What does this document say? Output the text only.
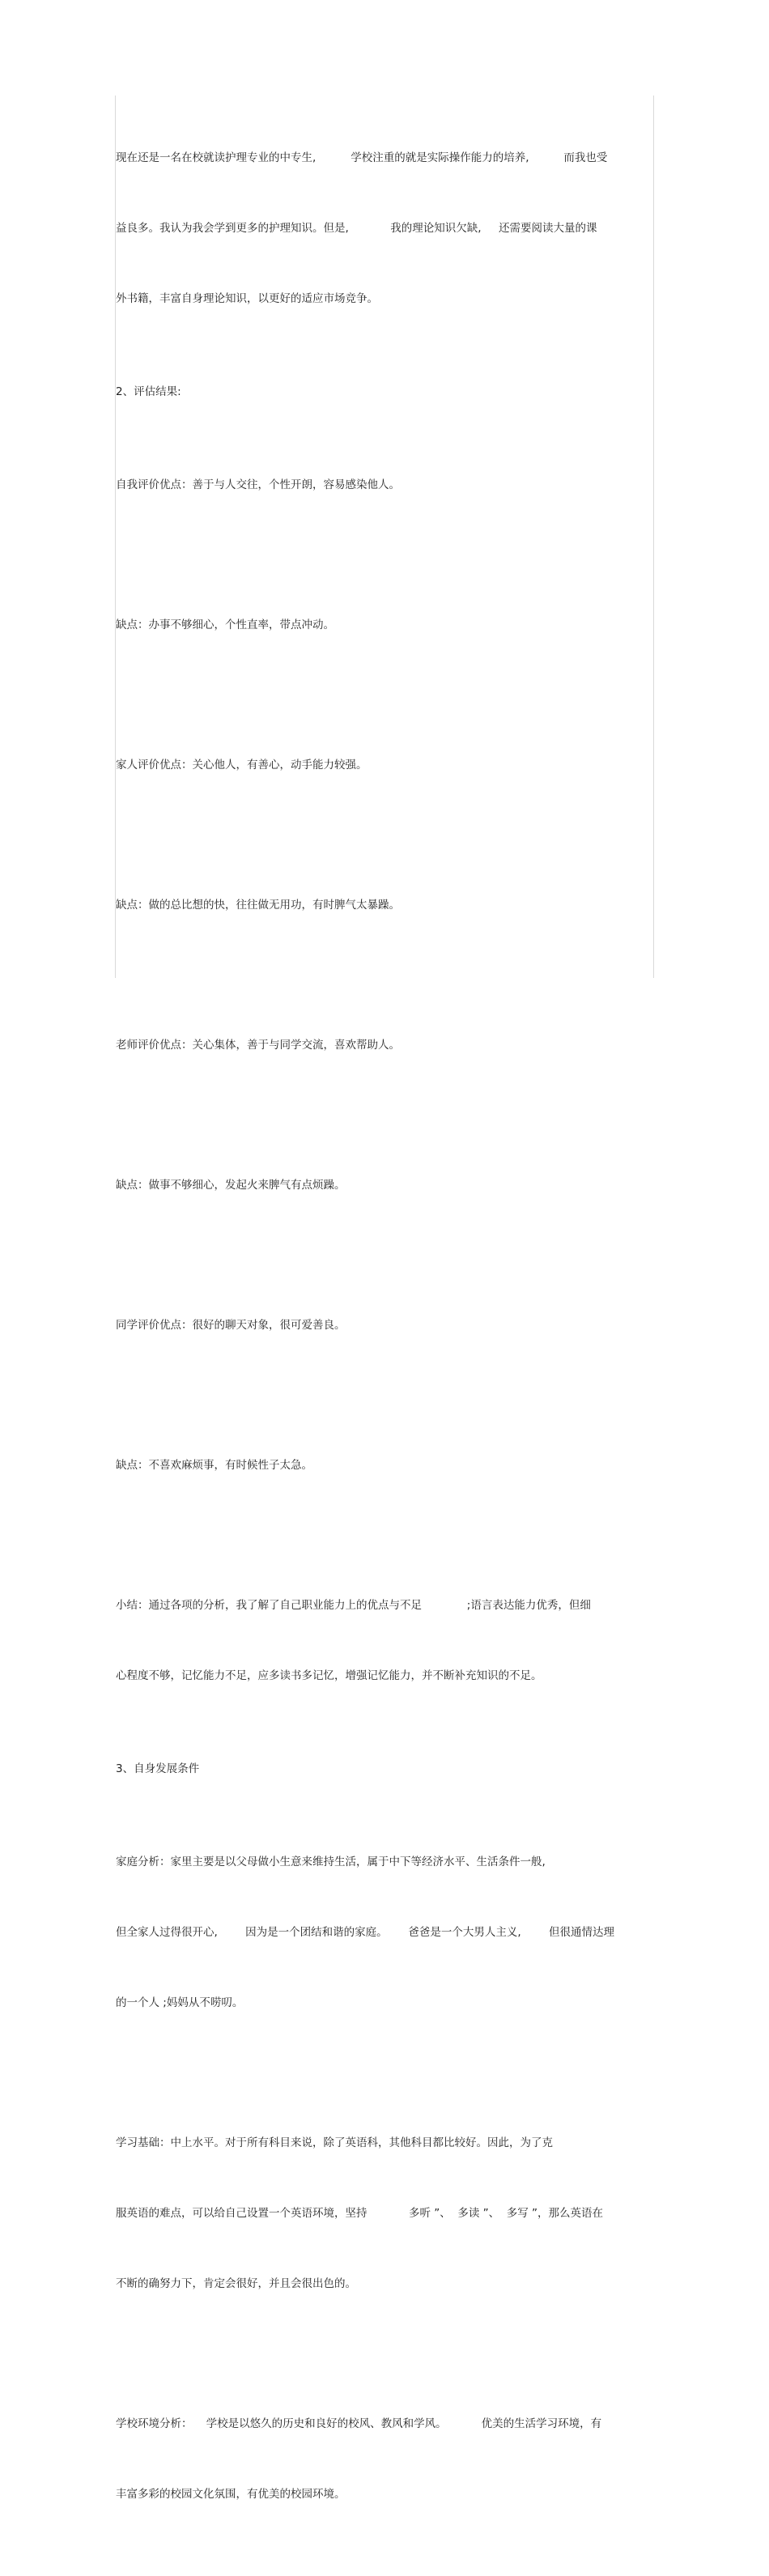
现在还是一名在校就读护理专业的中专生,          学校注重的就是实际操作能力的培养,          而我也受

益良多。我认为我会学到更多的护理知识。但是,            我的理论知识欠缺,     还需要阅读大量的课

外书籍，丰富自身理论知识，以更好的适应市场竞争。

2、评估结果:

自我评价优点：善于与人交往，个性开朗，容易感染他人。

缺点：办事不够细心，个性直率，带点冲动。

家人评价优点：关心他人，有善心，动手能力较强。

缺点：做的总比想的快，往往做无用功，有时脾气太暴躁。

老师评价优点：关心集体，善于与同学交流，喜欢帮助人。

缺点：做事不够细心，发起火来脾气有点烦躁。

同学评价优点：很好的聊天对象，很可爱善良。

缺点：不喜欢麻烦事，有时候性子太急。

小结：通过各项的分析，我了解了自己职业能力上的优点与不足             ;语言表达能力优秀，但细

心程度不够，记忆能力不足，应多读书多记忆，增强记忆能力，并不断补充知识的不足。

3、自身发展条件

家庭分析：家里主要是以父母做小生意来维持生活，属于中下等经济水平、生活条件一般,

但全家人过得很开心,        因为是一个团结和谐的家庭。      爸爸是一个大男人主义,        但很通情达理

的一个人 ;妈妈从不唠叨。

学习基础：中上水平。对于所有科目来说，除了英语科，其他科目都比较好。因此，为了克

服英语的难点，可以给自己设置一个英语环境，坚持            多听 ”、  多读 ”、  多写 ”，那么英语在

不断的确努力下，肯定会很好，并且会很出色的。

学校环境分析：    学校是以悠久的历史和良好的校风、教风和学风。          优美的生活学习环境，有

丰富多彩的校园文化氛围，有优美的校园环境。
